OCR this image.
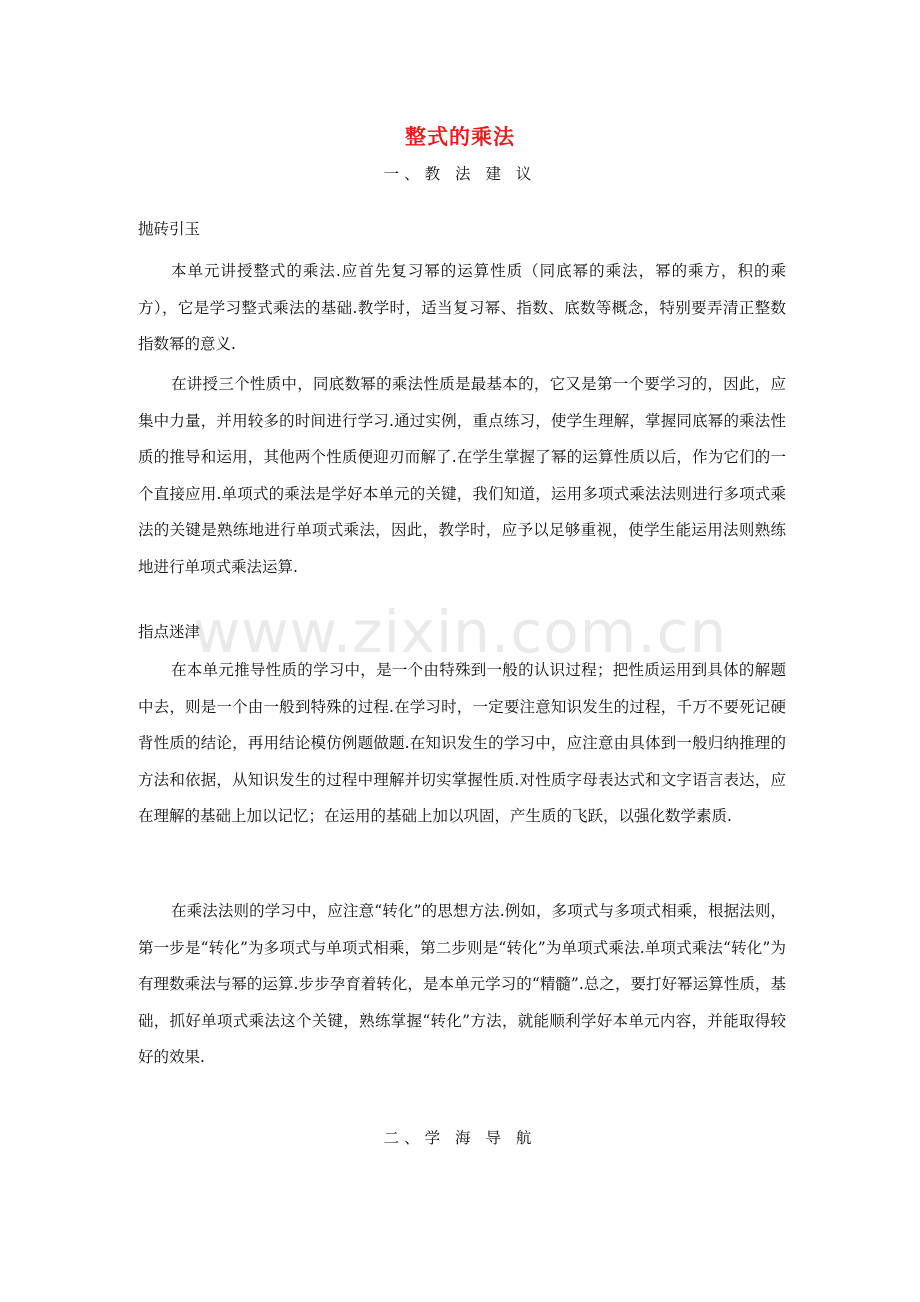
整式的乘法
一、教 法 建 议
抛砖引玉

本单元讲授整式的乘法.应首先复习幂的运算性质（同底幂的乘法，幂的乘方，积的乘方），它是学习整式乘法的基础.教学时，适当复习幂、指数、底数等概念，特别要弄清正整数指数幂的意义.

在讲授三个性质中，同底数幂的乘法性质是最基本的，它又是第一个要学习的，因此，应集中力量，并用较多的时间进行学习.通过实例，重点练习，使学生理解，掌握同底幂的乘法性质的推导和运用，其他两个性质便迎刃而解了.在学生掌握了幂的运算性质以后，作为它们的一个直接应用.单项式的乘法是学好本单元的关键，我们知道，运用多项式乘法法则进行多项式乘法的关键是熟练地进行单项式乘法，因此，教学时，应予以足够重视，使学生能运用法则熟练地进行单项式乘法运算.

指点迷津

在本单元推导性质的学习中，是一个由特殊到一般的认识过程；把性质运用到具体的解题中去，则是一个由一般到特殊的过程.在学习时，一定要注意知识发生的过程，千万不要死记硬背性质的结论，再用结论模仿例题做题.在知识发生的学习中，应注意由具体到一般归纳推理的方法和依据，从知识发生的过程中理解并切实掌握性质.对性质字母表达式和文字语言表达，应在理解的基础上加以记忆；在运用的基础上加以巩固，产生质的飞跃，以强化数学素质.

在乘法法则的学习中，应注意“转化”的思想方法.例如，多项式与多项式相乘，根据法则，第一步是“转化”为多项式与单项式相乘，第二步则是“转化”为单项式乘法.单项式乘法“转化”为有理数乘法与幂的运算.步步孕育着转化，是本单元学习的“精髓”.总之，要打好幂运算性质，基础，抓好单项式乘法这个关键，熟练掌握“转化”方法，就能顺利学好本单元内容，并能取得较好的效果.

二、学 海 导 航
www.zixin.com.cn
